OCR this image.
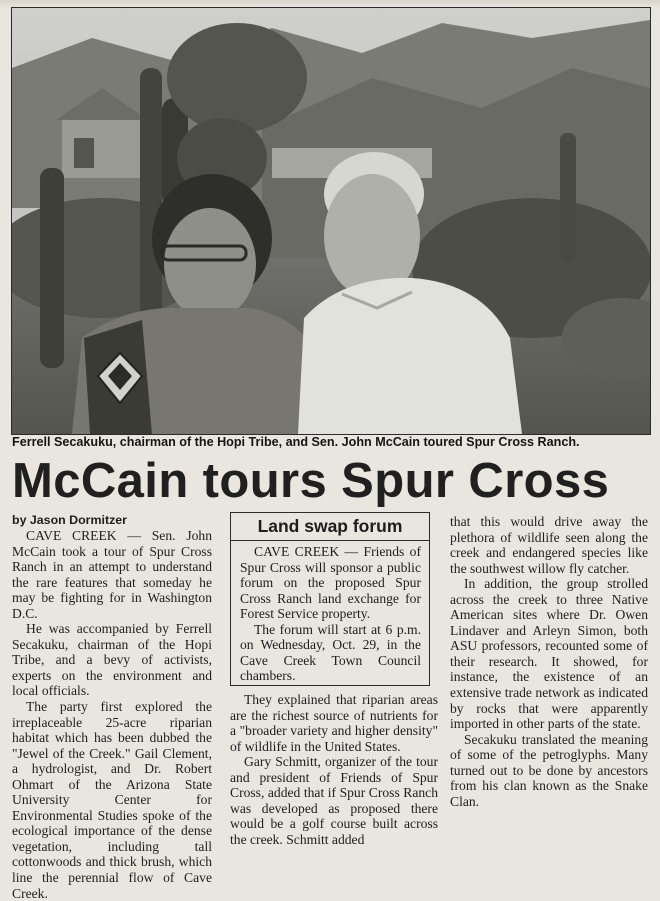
Ferrell Secakuku, chairman of the Hopi Tribe, and Sen. John McCain toured Spur Cross Ranch.
McCain tours Spur Cross

by Jason Dormitzer

CAVE CREEK — Sen. John McCain took a tour of Spur Cross Ranch in an attempt to understand the rare features that someday he may be fighting for in Washington D.C.

He was accompanied by Ferrell Secakuku, chairman of the Hopi Tribe, and a bevy of activists, experts on the environment and local officials.

The party first explored the irreplaceable 25-acre riparian habitat which has been dubbed the "Jewel of the Creek." Gail Clement, a hydrologist, and Dr. Robert Ohmart of the Arizona State University Center for Environmental Studies spoke of the ecological importance of the dense vegetation, including tall cottonwoods and thick brush, which line the perennial flow of Cave Creek.

Land swap forum

CAVE CREEK — Friends of Spur Cross will sponsor a public forum on the proposed Spur Cross Ranch land exchange for Forest Service property.

The forum will start at 6 p.m. on Wednesday, Oct. 29, in the Cave Creek Town Council chambers.

They explained that riparian areas are the richest source of nutrients for a "broader variety and higher density" of wildlife in the United States.

Gary Schmitt, organizer of the tour and president of Friends of Spur Cross, added that if Spur Cross Ranch was developed as proposed there would be a golf course built across the creek. Schmitt added

that this would drive away the plethora of wildlife seen along the creek and endangered species like the southwest willow fly catcher.

In addition, the group strolled across the creek to three Native American sites where Dr. Owen Lindaver and Arleyn Simon, both ASU professors, recounted some of their research. It showed, for instance, the existence of an extensive trade network as indicated by rocks that were apparently imported in other parts of the state.

Secakuku translated the meaning of some of the petroglyphs. Many turned out to be done by ancestors from his clan known as the Snake Clan.
